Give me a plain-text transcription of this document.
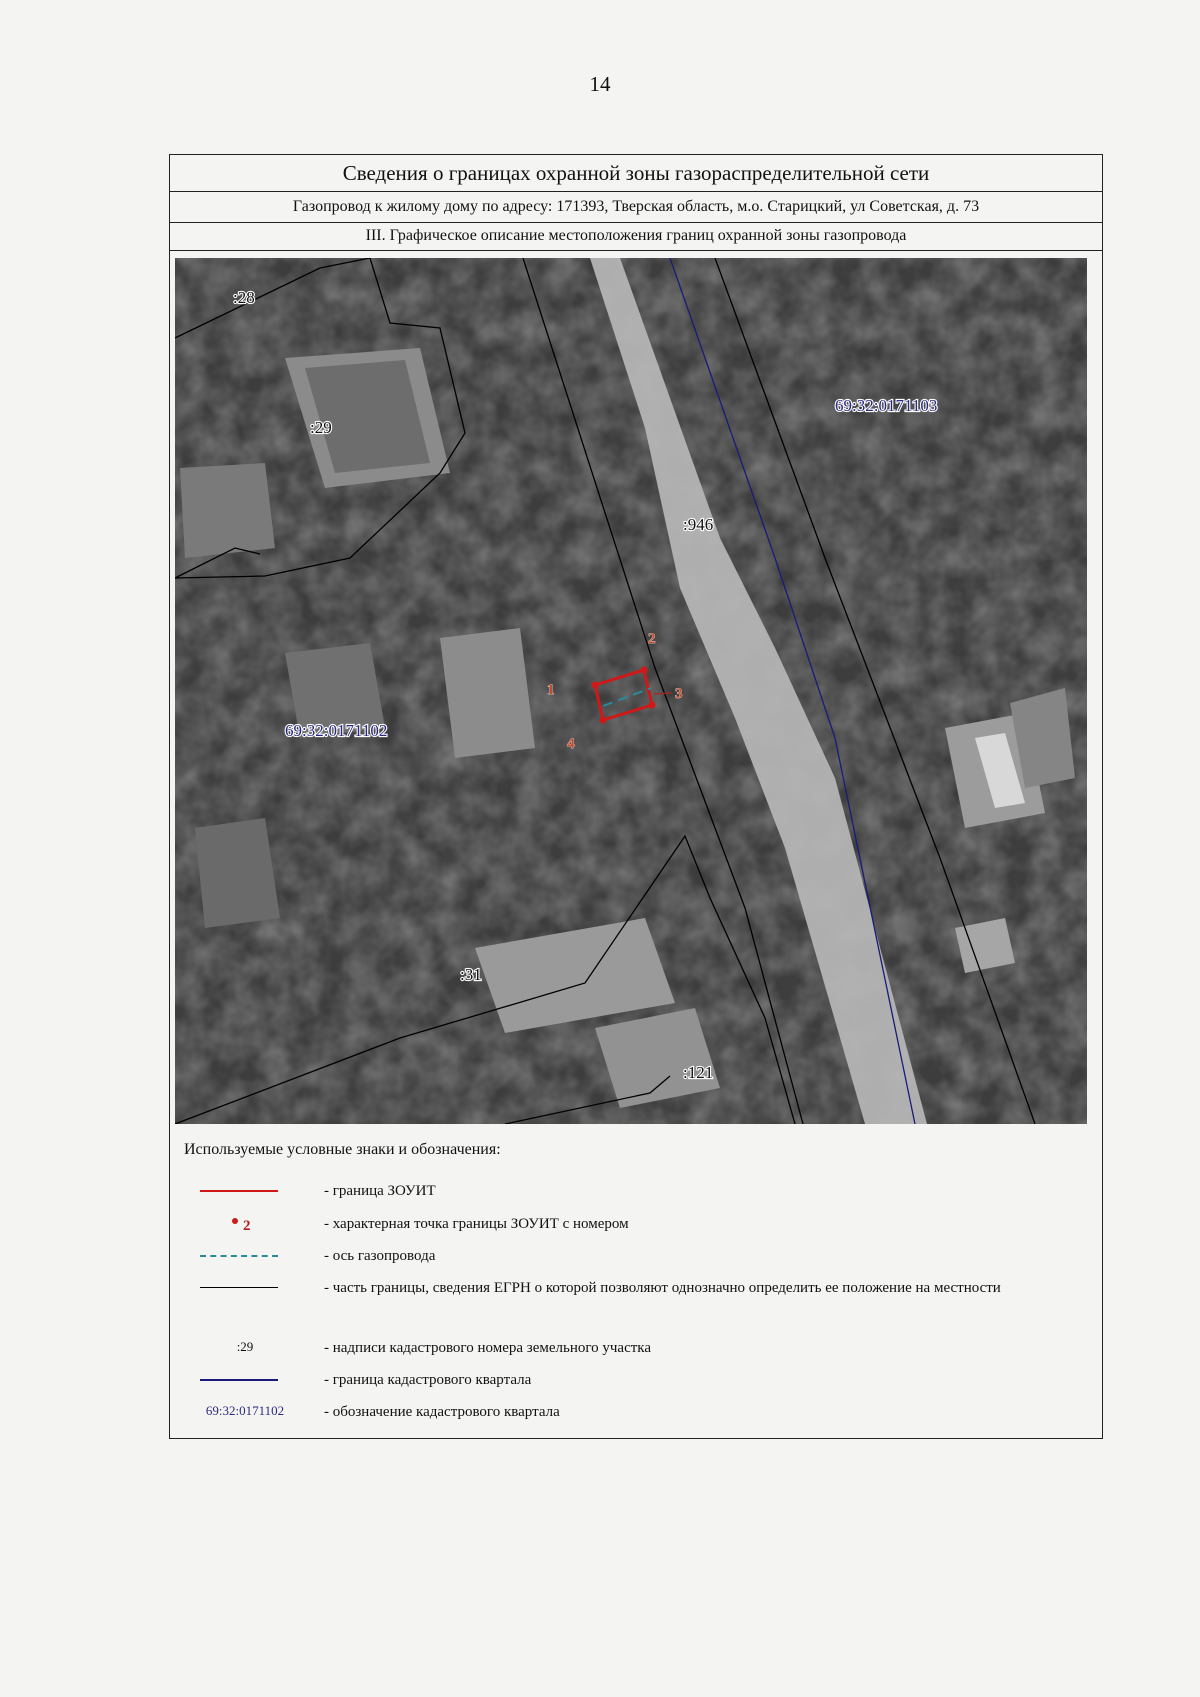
14
Сведения о границах охранной зоны газораспределительной сети
Газопровод к жилому дому по адресу: 171393, Тверская область, м.о. Старицкий, ул Советская, д. 73
III. Графическое описание местоположения границ охранной зоны газопровода
1
2
3
4
:28
:29
:946
:31
:121
69:32:0171102
69:32:0171103
Используемые условные знаки и обозначения:
- граница ЗОУИТ
2	- характерная точка границы ЗОУИТ с номером
- ось газопровода
- часть границы, сведения ЕГРН о которой позволяют однозначно определить ее положение на местности
:29	- надписи кадастрового номера земельного участка
- граница кадастрового квартала
69:32:0171102	- обозначение кадастрового квартала
